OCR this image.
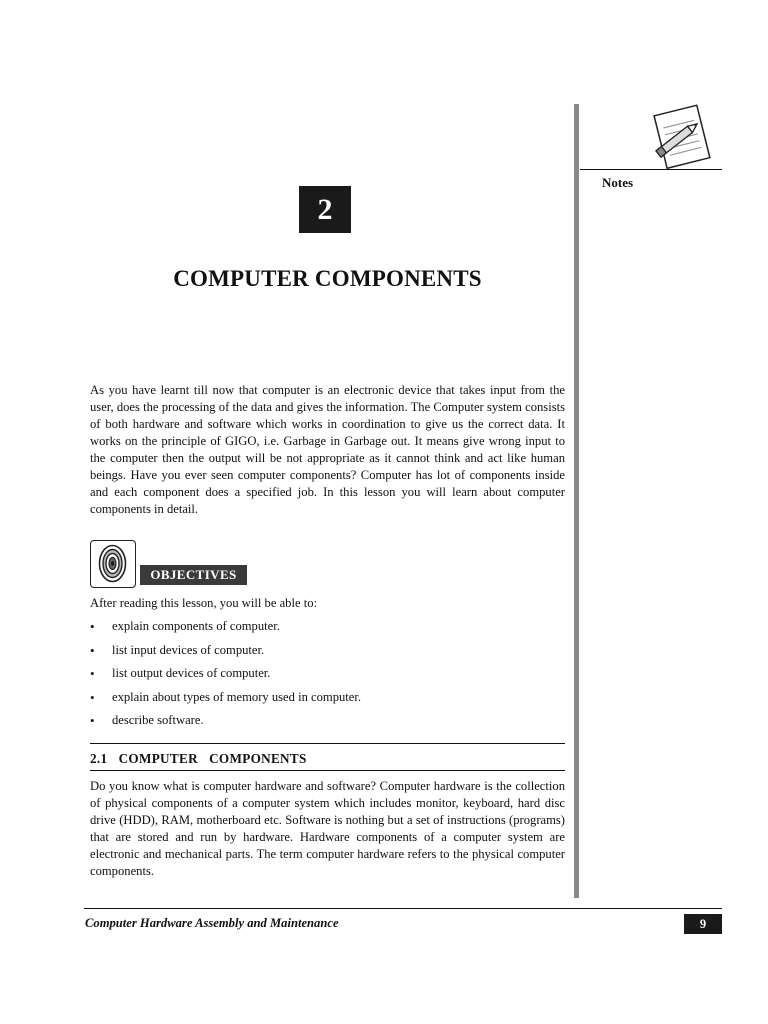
Notes
2
COMPUTER COMPONENTS

As you have learnt till now that computer is an electronic device that takes input from the user, does the processing of the data and gives the information. The Computer system consists of both hardware and software which works in coordination to give us the correct data. It works on the principle of GIGO, i.e. Garbage in Garbage out. It means give wrong input to the computer then the output will be not appropriate as it cannot think and act like human beings. Have you ever seen computer components? Computer has lot of components inside and each component does a specified job. In this lesson you will learn about computer components in detail.

OBJECTIVES
After reading this lesson, you will be able to:
• explain components of computer.
• list input devices of computer.
• list output devices of computer.
• explain about types of memory used in computer.
• describe software.
2.1  COMPUTER  COMPONENTS

Do you know what is computer hardware and software? Computer hardware is the collection of physical components of a computer system which includes monitor, keyboard, hard disc drive (HDD), RAM, motherboard etc. Software is nothing but a set of instructions (programs) that are stored and run by hardware. Hardware components of a computer system are electronic and mechanical parts. The term computer hardware refers to the physical computer components.

Computer Hardware Assembly and Maintenance	9
